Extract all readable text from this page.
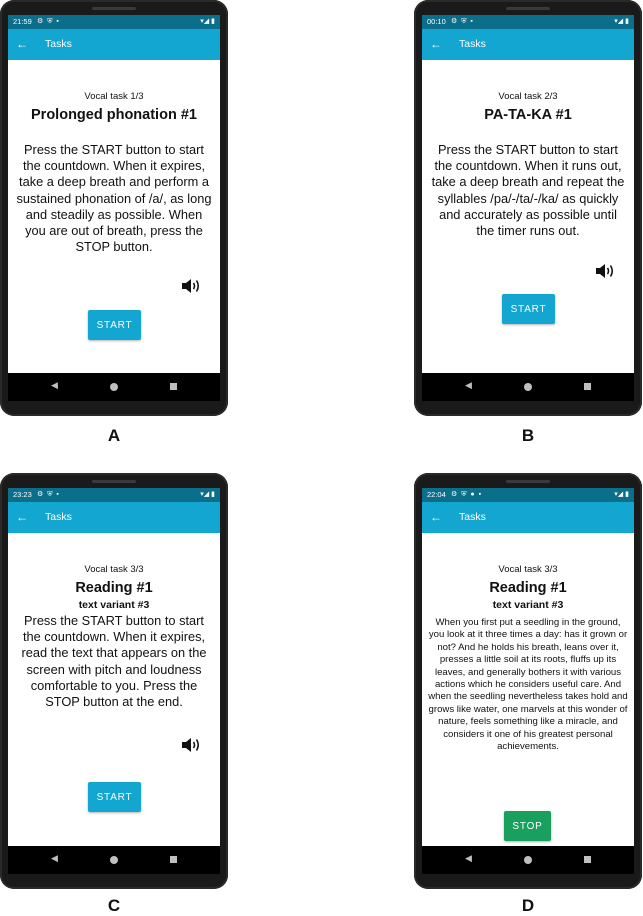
21:59 ⚙ ⛨ ▪	▾◢ ▮
← Tasks
Vocal task 1/3
Prolonged phonation #1

Press the START button to start the countdown. When it expires, take a deep breath and perform a sustained phonation of /a/, as long and steadily as possible. When you are out of breath, press the STOP button.

START
◀
A
00:10 ⚙ ⛨ ▪	▾◢ ▮
← Tasks
Vocal task 2/3
PA-TA-KA #1

Press the START button to start the countdown. When it runs out, take a deep breath and repeat the syllables /pa/-/ta/-/ka/ as quickly and accurately as possible until the timer runs out.

START
◀
B
23:23 ⚙ ⛨ ▪	▾◢ ▮
← Tasks
Vocal task 3/3
Reading #1
text variant #3

Press the START button to start the countdown. When it expires, read the text that appears on the screen with pitch and loudness comfortable to you. Press the STOP button at the end.

START
◀
C
22:04 ⚙ ⛨ ● ▪	▾◢ ▮
← Tasks
Vocal task 3/3
Reading #1
text variant #3

When you first put a seedling in the ground, you look at it three times a day: has it grown or not? And he holds his breath, leans over it, presses a little soil at its roots, fluffs up its leaves, and generally bothers it with various actions which he considers useful care. And when the seedling nevertheless takes hold and grows like water, one marvels at this wonder of nature, feels something like a miracle, and considers it one of his greatest personal achievements.

STOP
◀
D
